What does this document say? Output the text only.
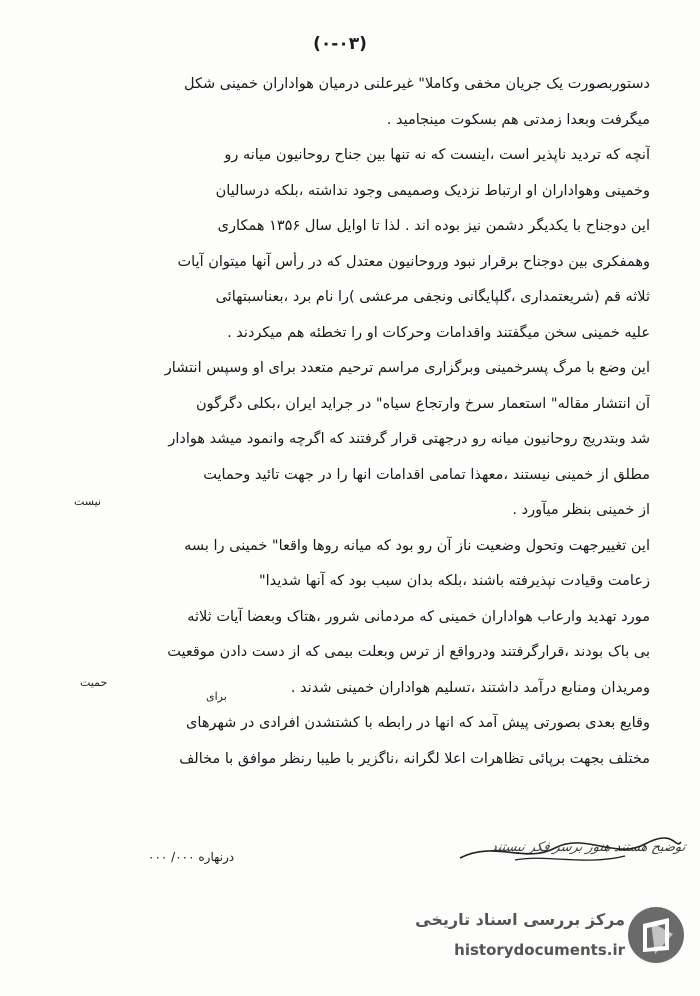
(٠٣-٠)
دستوربصورت یک جریان مخفی وکاملا" غیرعلنی درمیان هواداران خمینی شکل
میگرفت وبعدا زمدتی هم بسکوت مینجامید .
آنچه که تردید ناپذیر است ،اینست که نه تنها بین جناح روحانیون میانه رو
وخمینی وهواداران او ارتباط نزدیک وصمیمی وجود نداشته ،بلکه درسالیان
این دوجناح با یکدیگر دشمن نیز بوده اند . لذا تا اوایل سال ۱۳۵۶ همکاری
وهمفکری بین دوجناح برقرار نبود وروحانیون معتدل که در رأس آنها میتوان آیات
ثلاثه قم (شریعتمداری ،گلپایگانی ونجفی مرعشی )را نام برد ،بعناسبتهائی
علیه خمینی سخن میگفتند واقدامات وحرکات او را تخطئه هم میکردند .
این وضع با مرگ پسرخمینی وبرگزاری مراسم ترحیم متعدد برای او وسپس انتشار
آن انتشار مقاله" استعمار سرخ وارتجاع سیاه" در جراید ایران ،بکلی دگرگون
شد وبتدریج روحانیون میانه رو درجهتی قرار گرفتند که اگرچه وانمود میشد هوادار
مطلق از خمینی نیستند ،معهذا تمامی اقدامات انها را در جهت تائید وحمایت
از خمینی بنظر میآورد .
این تغییرجهت وتحول وضعیت ناز آن رو بود که میانه روها واقعا" خمینی را بسه
زعامت وقیادت نپذیرفته باشند ،بلکه بدان سبب بود که آنها شدیدا"
مورد تهدید وارعاب هواداران خمینی که مردمانی شرور ،هتاک وبعضا آیات ثلاثه
بی باک بودند ،قرارگرفتند ودرواقع از ترس وبعلت بیمی که از دست دادن موقعیت
ومریدان ومنابع درآمد داشتند ،تسلیم هواداران خمینی شدند .
وقایع بعدی بصورتی پیش آمد که انها در رابطه با کشتشدن افرادی در شهرهای
مختلف بجهت برپائی تظاهرات اعلا لگرانه ،ناگزیر با طیبا رنظر موافق با مخالف
نیست
حمیت
برای
درنهاره ۰۰۰/ ۰۰۰
توضیح هستند هنوز برسر فکر نیستند
مرکز بررسی اسناد تاریخی
historydocuments.ir
